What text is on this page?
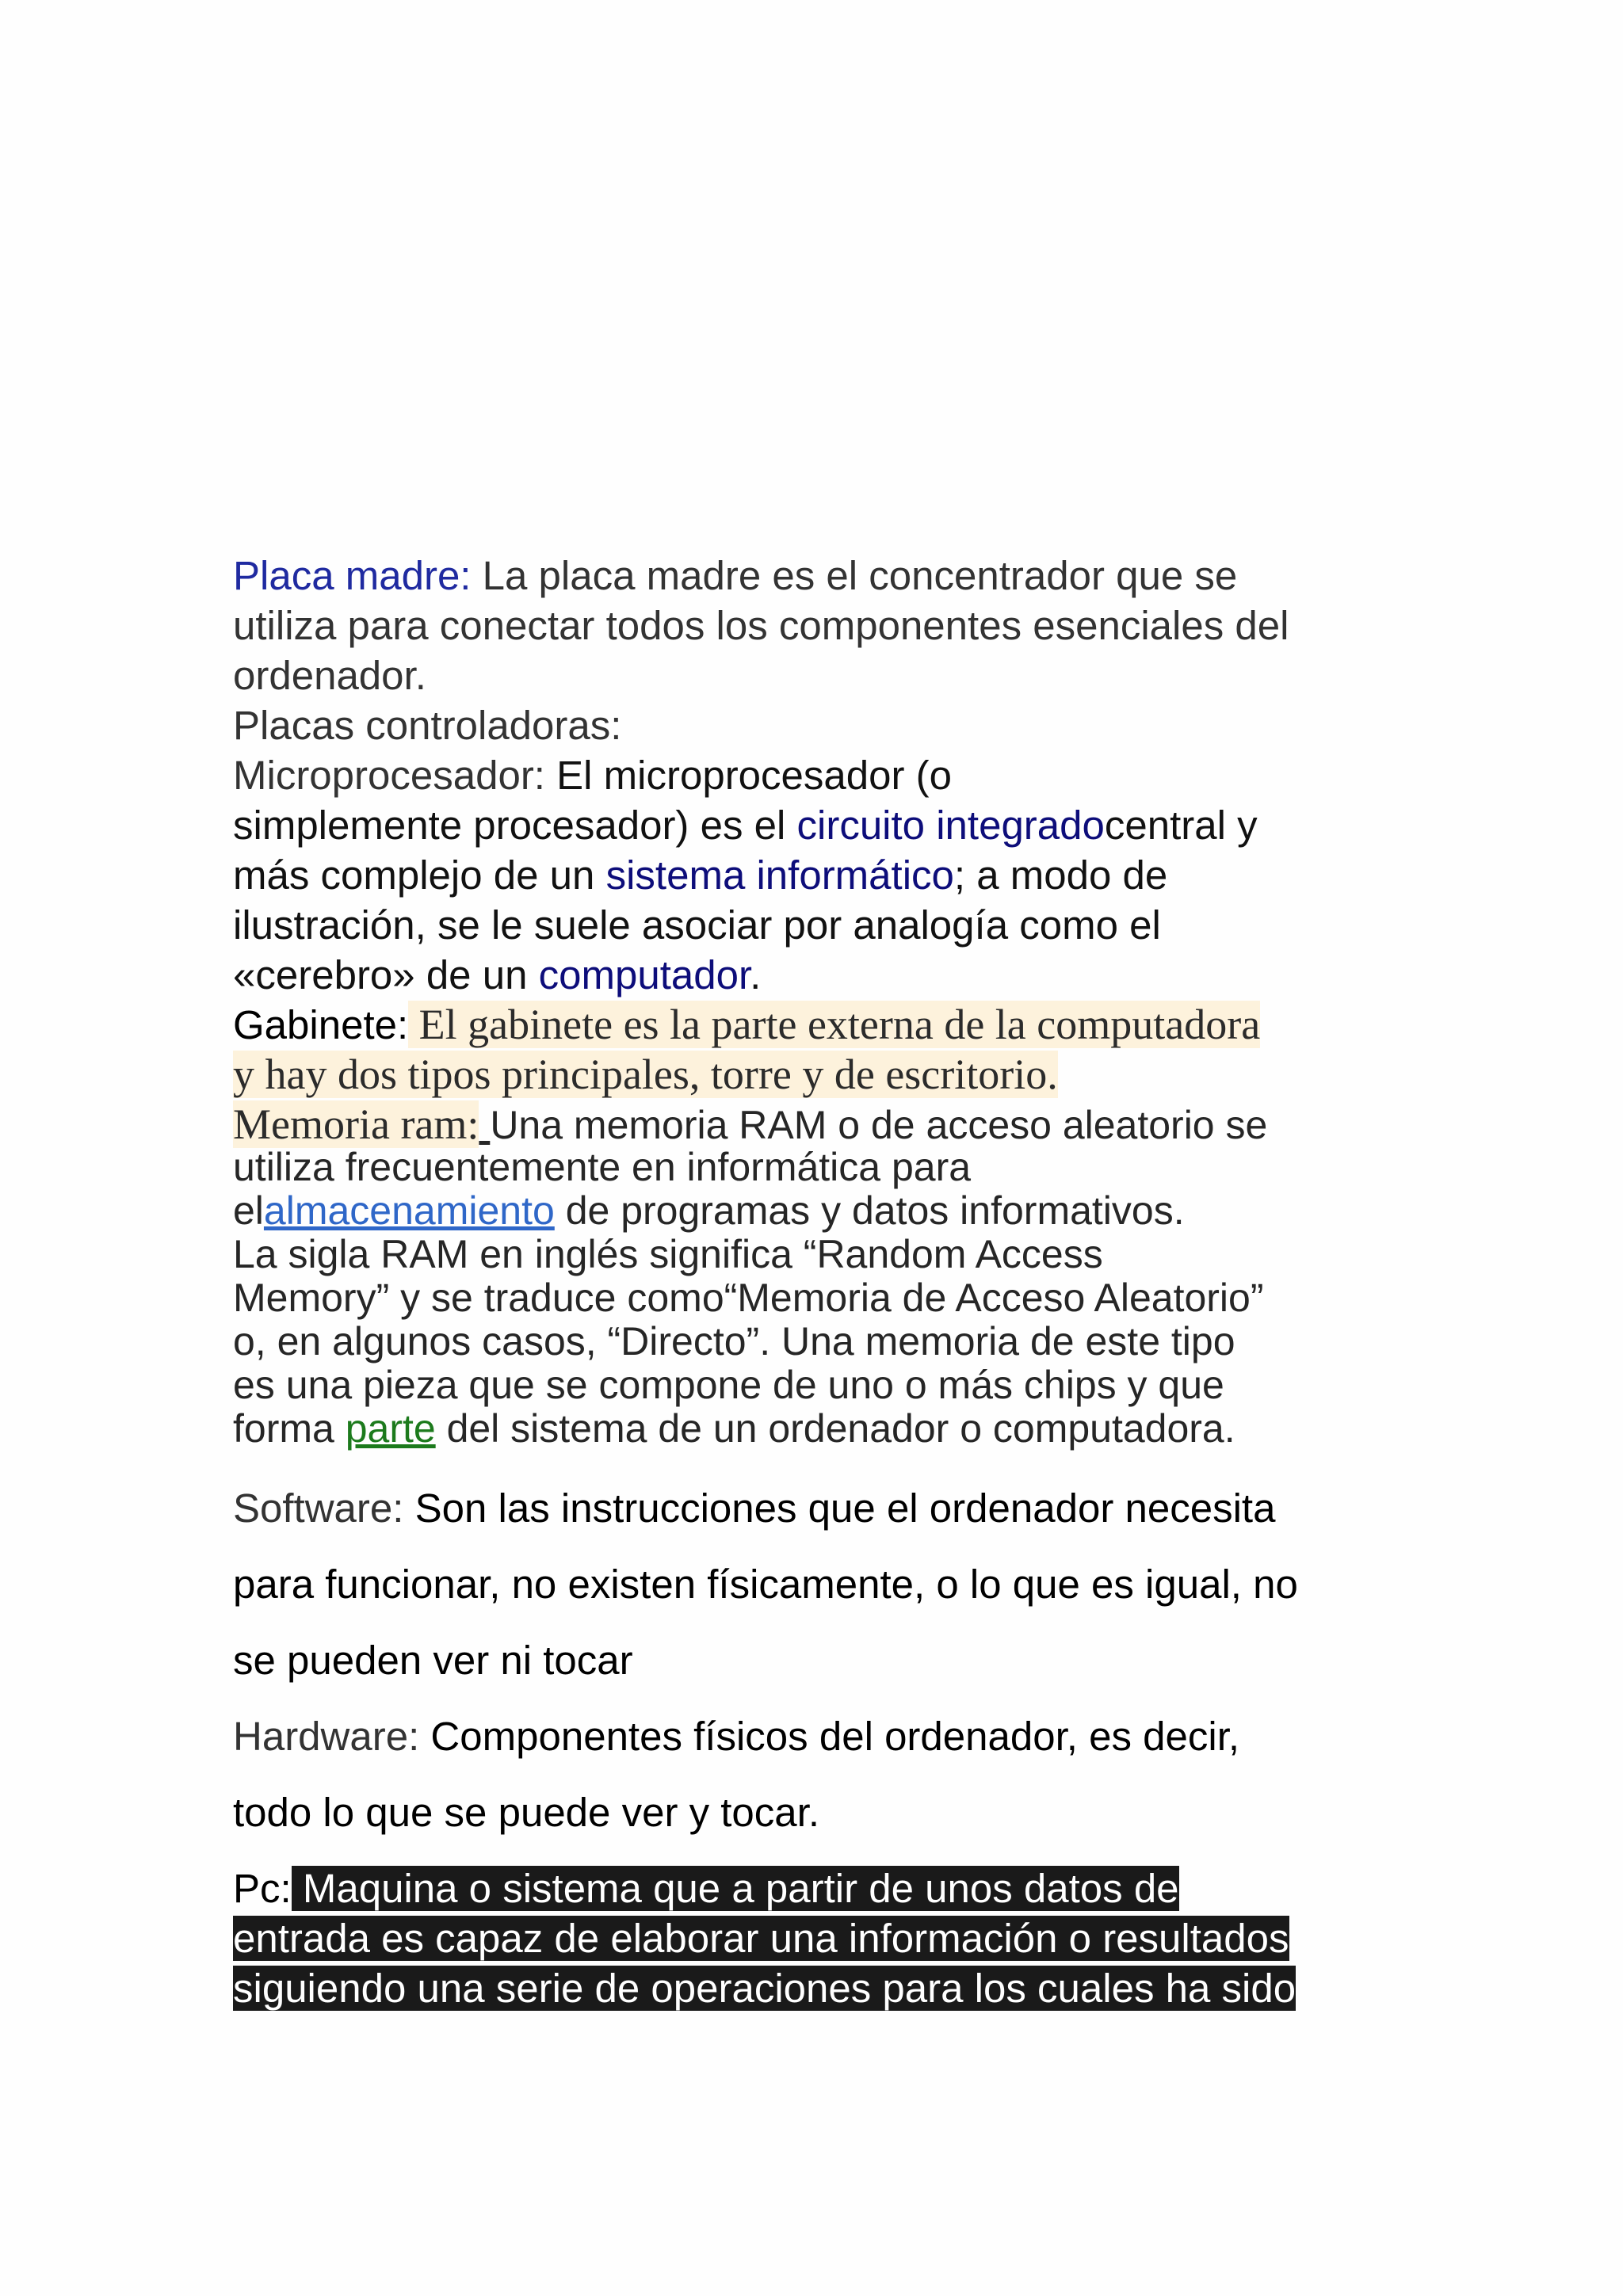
Placa madre: La placa madre es el concentrador que se
utiliza para conectar todos los componentes esenciales del
ordenador.
Placas controladoras:
Microprocesador: El microprocesador (o
simplemente procesador) es el circuito integradocentral y
más complejo de un sistema informático; a modo de
ilustración, se le suele asociar por analogía como el
«cerebro» de un computador.
Gabinete: El gabinete es la parte externa de la computadora
y hay dos tipos principales, torre y de escritorio.
Memoria ram: Una memoria RAM o de acceso aleatorio se
utiliza frecuentemente en informática para
elalmacenamiento de programas y datos informativos.
La sigla RAM en inglés significa “Random Access
Memory” y se traduce como“Memoria de Acceso Aleatorio”
o, en algunos casos, “Directo”. Una memoria de este tipo
es una pieza que se compone de uno o más chips y que
forma parte del sistema de un ordenador o computadora.
Software: Son las instrucciones que el ordenador necesita
para funcionar, no existen físicamente, o lo que es igual, no
se pueden ver ni tocar
Hardware: Componentes físicos del ordenador, es decir,
todo lo que se puede ver y tocar.
Pc: Maquina o sistema que a partir de unos datos de
entrada es capaz de elaborar una información o resultados
siguiendo una serie de operaciones para los cuales ha sido
